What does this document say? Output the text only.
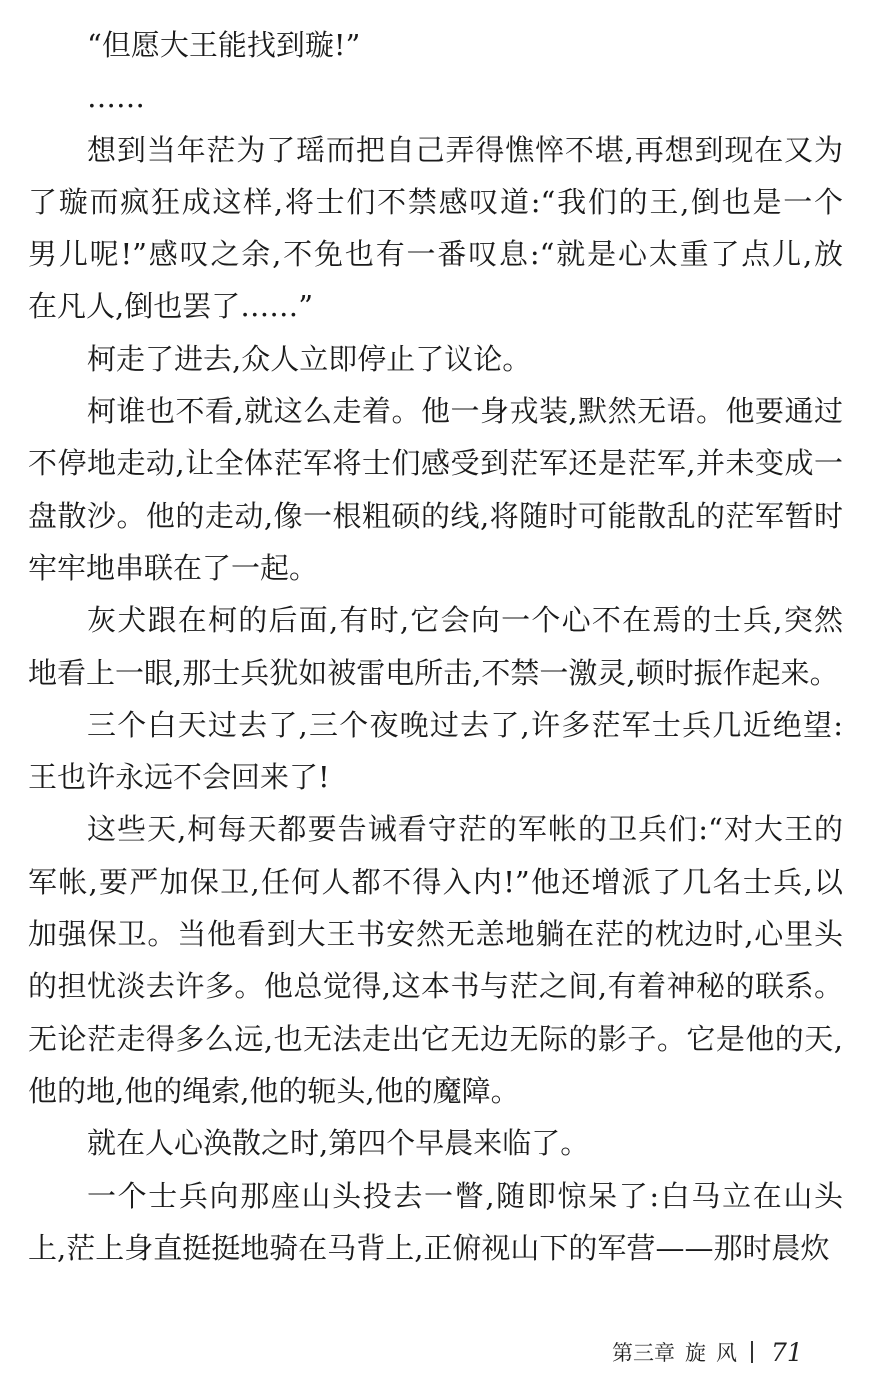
“但愿大王能找到璇!”
……
想到当年茫为了瑶而把自己弄得憔悴不堪,再想到现在又为
了璇而疯狂成这样,将士们不禁感叹道:“我们的王,倒也是一个
男儿呢!”感叹之余,不免也有一番叹息:“就是心太重了点儿,放
在凡人,倒也罢了……”
柯走了进去,众人立即停止了议论。
柯谁也不看,就这么走着。他一身戎装,默然无语。他要通过
不停地走动,让全体茫军将士们感受到茫军还是茫军,并未变成一
盘散沙。他的走动,像一根粗硕的线,将随时可能散乱的茫军暂时
牢牢地串联在了一起。
灰犬跟在柯的后面,有时,它会向一个心不在焉的士兵,突然
地看上一眼,那士兵犹如被雷电所击,不禁一激灵,顿时振作起来。
三个白天过去了,三个夜晚过去了,许多茫军士兵几近绝望:
王也许永远不会回来了!
这些天,柯每天都要告诫看守茫的军帐的卫兵们:“对大王的
军帐,要严加保卫,任何人都不得入内!”他还增派了几名士兵,以
加强保卫。当他看到大王书安然无恙地躺在茫的枕边时,心里头
的担忧淡去许多。他总觉得,这本书与茫之间,有着神秘的联系。
无论茫走得多么远,也无法走出它无边无际的影子。它是他的天,
他的地,他的绳索,他的轭头,他的魔障。
就在人心涣散之时,第四个早晨来临了。
一个士兵向那座山头投去一瞥,随即惊呆了:白马立在山头
上,茫上身直挺挺地骑在马背上,正俯视山下的军营——那时晨炊
第三章 旋风 71
